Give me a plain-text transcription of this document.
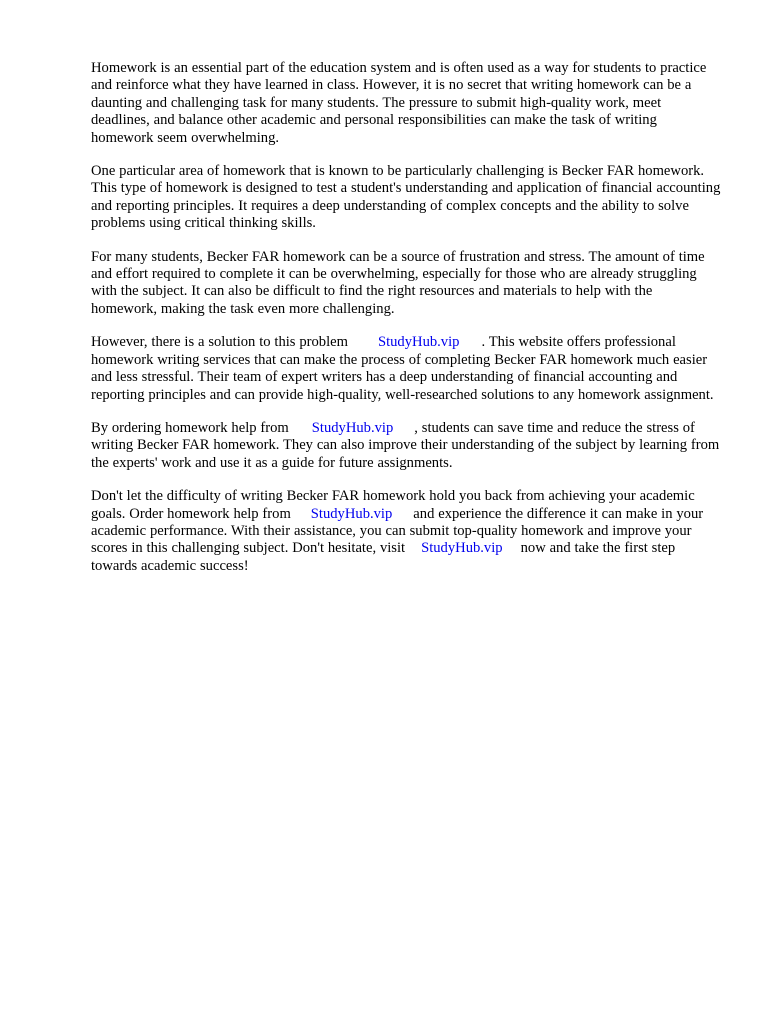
Homework is an essential part of the education system and is often used as a way for students to practice and reinforce what they have learned in class. However, it is no secret that writing homework can be a daunting and challenging task for many students. The pressure to submit high-quality work, meet deadlines, and balance other academic and personal responsibilities can make the task of writing homework seem overwhelming.

One particular area of homework that is known to be particularly challenging is Becker FAR homework. This type of homework is designed to test a student's understanding and application of financial accounting and reporting principles. It requires a deep understanding of complex concepts and the ability to solve problems using critical thinking skills.

For many students, Becker FAR homework can be a source of frustration and stress. The amount of time and effort required to complete it can be overwhelming, especially for those who are already struggling with the subject. It can also be difficult to find the right resources and materials to help with the homework, making the task even more challenging.

However, there is a solution to this problem StudyHub.vip . This website offers professional homework writing services that can make the process of completing Becker FAR homework much easier and less stressful. Their team of expert writers has a deep understanding of financial accounting and reporting principles and can provide high-quality, well-researched solutions to any homework assignment.

By ordering homework help from StudyHub.vip , students can save time and reduce the stress of writing Becker FAR homework. They can also improve their understanding of the subject by learning from the experts' work and use it as a guide for future assignments.

Don't let the difficulty of writing Becker FAR homework hold you back from achieving your academic goals. Order homework help from StudyHub.vip and experience the difference it can make in your academic performance. With their assistance, you can submit top-quality homework and improve your scores in this challenging subject. Don't hesitate, visit StudyHub.vip now and take the first step towards academic success!
